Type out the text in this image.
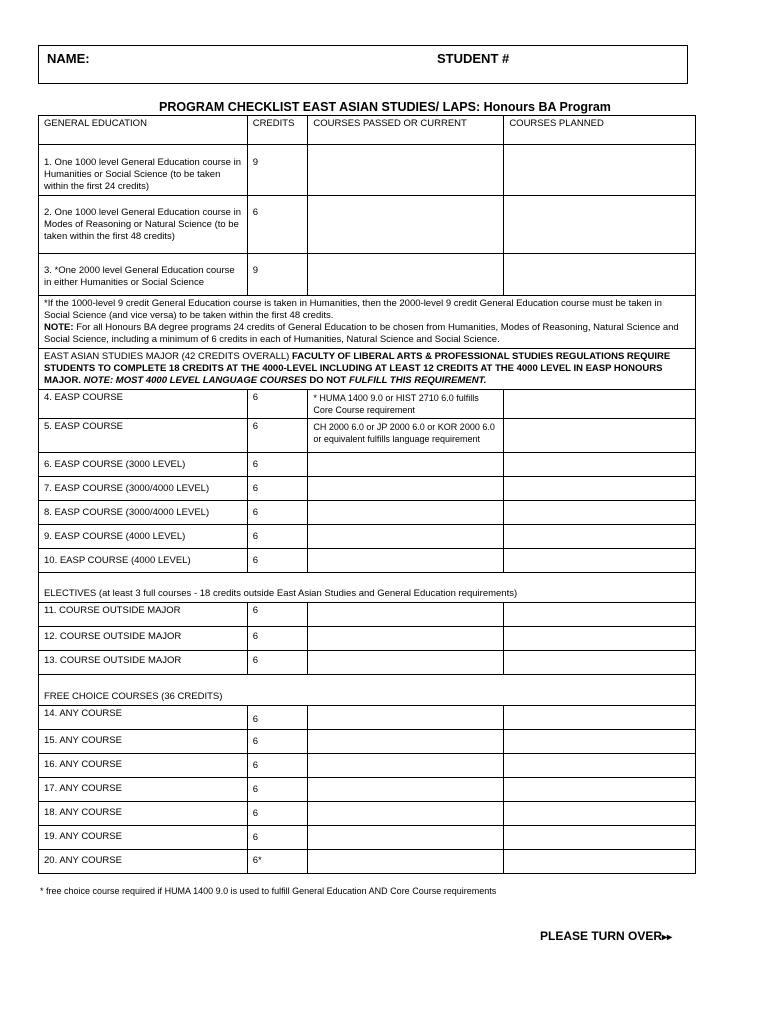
NAME:	STUDENT #
PROGRAM CHECKLIST EAST ASIAN STUDIES/ LAPS: Honours BA Program
GENERAL EDUCATION	CREDITS	COURSES PASSED OR CURRENT	COURSES PLANNED
1. One 1000 level General Education course in Humanities or Social Science (to be taken within the first 24 credits)	9		
2. One 1000 level General Education course in Modes of Reasoning or Natural Science (to be taken within the first 48 credits)	6		
3. *One 2000 level General Education course in either Humanities or Social Science	9		

*If the 1000-level 9 credit General Education course is taken in Humanities, then the 2000-level 9 credit General Education course must be taken in Social Science (and vice versa) to be taken within the first 48 credits.
NOTE: For all Honours BA degree programs 24 credits of General Education to be chosen from Humanities, Modes of Reasoning, Natural Science and Social Science, including a minimum of 6 credits in each of Humanities, Natural Science and Social Science.			

EAST ASIAN STUDIES MAJOR (42 CREDITS OVERALL) FACULTY OF LIBERAL ARTS & PROFESSIONAL STUDIES REGULATIONS REQUIRE STUDENTS TO COMPLETE 18 CREDITS AT THE 4000-LEVEL INCLUDING AT LEAST 12 CREDITS AT THE 4000 LEVEL IN EASP HONOURS MAJOR. NOTE: MOST 4000 LEVEL LANGUAGE COURSES DO NOT FULFILL THIS REQUIREMENT.			
4. EASP COURSE	6	* HUMA 1400 9.0 or HIST 2710 6.0 fulfills Core Course requirement	
5. EASP COURSE	6	CH 2000 6.0 or JP 2000 6.0 or KOR 2000 6.0 or equivalent fulfills language requirement	
6. EASP COURSE (3000 LEVEL)	6		
7. EASP COURSE (3000/4000 LEVEL)	6		
8. EASP COURSE (3000/4000 LEVEL)	6		
9. EASP COURSE (4000 LEVEL)	6		
10. EASP COURSE (4000 LEVEL)	6		
ELECTIVES (at least 3 full courses - 18 credits outside East Asian Studies and General Education requirements)			
11. COURSE OUTSIDE MAJOR	6		
12. COURSE OUTSIDE MAJOR	6		
13. COURSE OUTSIDE MAJOR	6		
FREE CHOICE COURSES (36 CREDITS)			
14. ANY COURSE	6		
15. ANY COURSE	6		
16. ANY COURSE	6		
17. ANY COURSE	6		
18. ANY COURSE	6		
19. ANY COURSE	6		
20. ANY COURSE	6*		
* free choice course required if HUMA 1400 9.0 is used to fulfill General Education AND Core Course requirements
PLEASE TURN OVER▸▸
